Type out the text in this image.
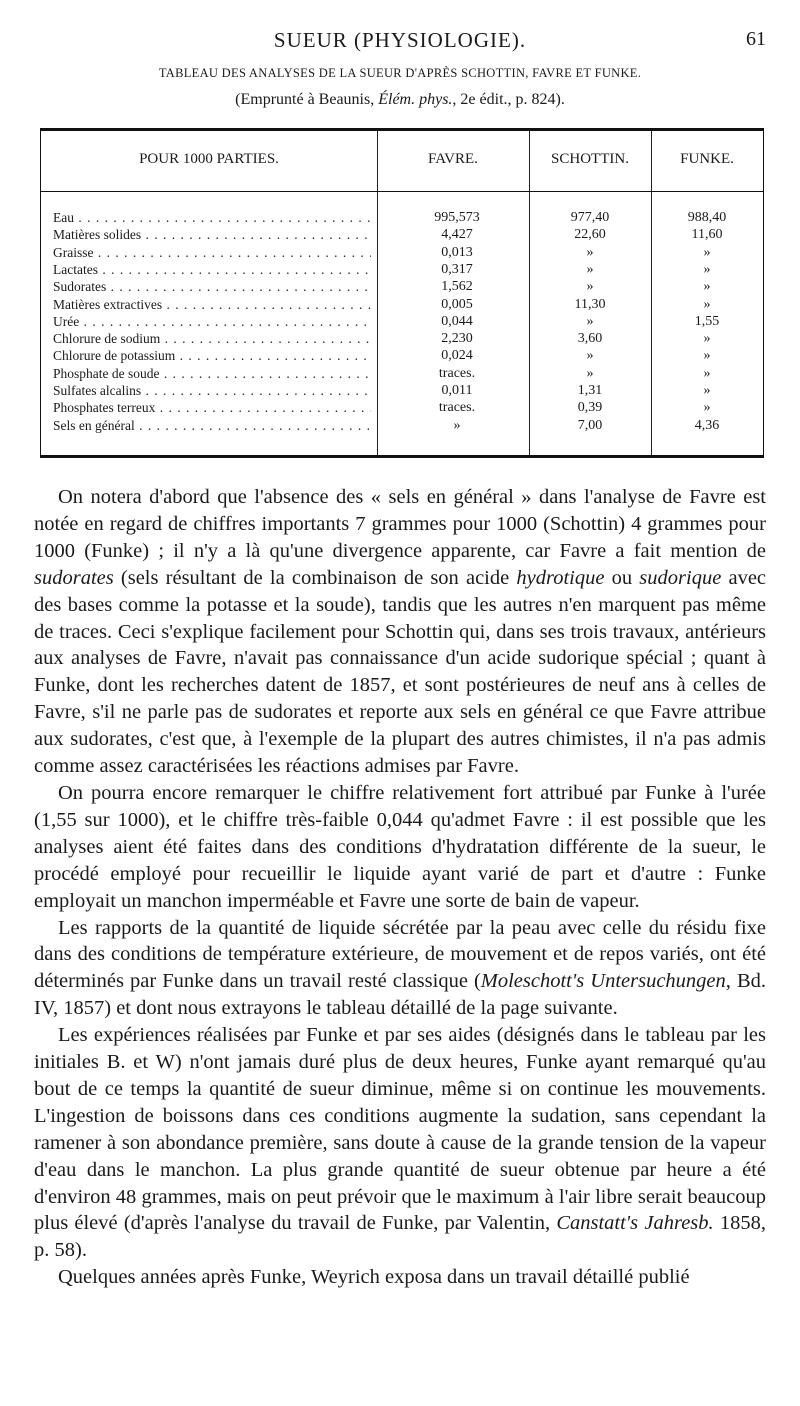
SUEUR (PHYSIOLOGIE).	61
TABLEAU DES ANALYSES DE LA SUEUR D'APRÈS SCHOTTIN, FAVRE ET FUNKE.
(Emprunté à Beaunis, Élém. phys., 2e édit., p. 824).
POUR 1000 PARTIES.	FAVRE.	SCHOTTIN.	FUNKE.
Eau . . .	995,573	977,40	988,40
Matières solides . . .	4,427	22,60	11,60
Graisse . . .	0,013	»	»
Lactates . . .	0,317	»	»
Sudorates . . .	1,562	»	»
Matières extractives . . .	0,005	11,30	»
Urée . . .	0,044	»	1,55
Chlorure de sodium . . .	2,230	3,60	»
Chlorure de potassium . . .	0,024	»	»
Phosphate de soude . . .	traces.	»	»
Sulfates alcalins . . .	0,011	1,31	»
Phosphates terreux . . .	traces.	0,39	»
Sels en général . . .	»	7,00	4,36

On notera d'abord que l'absence des « sels en général » dans l'analyse de Favre est notée en regard de chiffres importants 7 grammes pour 1000 (Schottin) 4 grammes pour 1000 (Funke) ; il n'y a là qu'une divergence apparente, car Favre a fait mention de sudorates (sels résultant de la combinaison de son acide hydrotique ou sudorique avec des bases comme la potasse et la soude), tandis que les autres n'en marquent pas même de traces. Ceci s'explique facilement pour Schottin qui, dans ses trois travaux, antérieurs aux analyses de Favre, n'avait pas connaissance d'un acide sudorique spécial ; quant à Funke, dont les recherches datent de 1857, et sont postérieures de neuf ans à celles de Favre, s'il ne parle pas de sudorates et reporte aux sels en général ce que Favre attribue aux sudorates, c'est que, à l'exemple de la plupart des autres chimistes, il n'a pas admis comme assez caractérisées les réactions admises par Favre.

On pourra encore remarquer le chiffre relativement fort attribué par Funke à l'urée (1,55 sur 1000), et le chiffre très-faible 0,044 qu'admet Favre : il est possible que les analyses aient été faites dans des conditions d'hydratation différente de la sueur, le procédé employé pour recueillir le liquide ayant varié de part et d'autre : Funke employait un manchon imperméable et Favre une sorte de bain de vapeur.

Les rapports de la quantité de liquide sécrétée par la peau avec celle du résidu fixe dans des conditions de température extérieure, de mouvement et de repos variés, ont été déterminés par Funke dans un travail resté classique (Moleschott's Untersuchungen, Bd. IV, 1857) et dont nous extrayons le tableau détaillé de la page suivante.

Les expériences réalisées par Funke et par ses aides (désignés dans le tableau par les initiales B. et W) n'ont jamais duré plus de deux heures, Funke ayant remarqué qu'au bout de ce temps la quantité de sueur diminue, même si on continue les mouvements. L'ingestion de boissons dans ces conditions augmente la sudation, sans cependant la ramener à son abondance première, sans doute à cause de la grande tension de la vapeur d'eau dans le manchon. La plus grande quantité de sueur obtenue par heure a été d'environ 48 grammes, mais on peut prévoir que le maximum à l'air libre serait beaucoup plus élevé (d'après l'analyse du travail de Funke, par Valentin, Canstatt's Jahresb. 1858, p. 58).

Quelques années après Funke, Weyrich exposa dans un travail détaillé publié
